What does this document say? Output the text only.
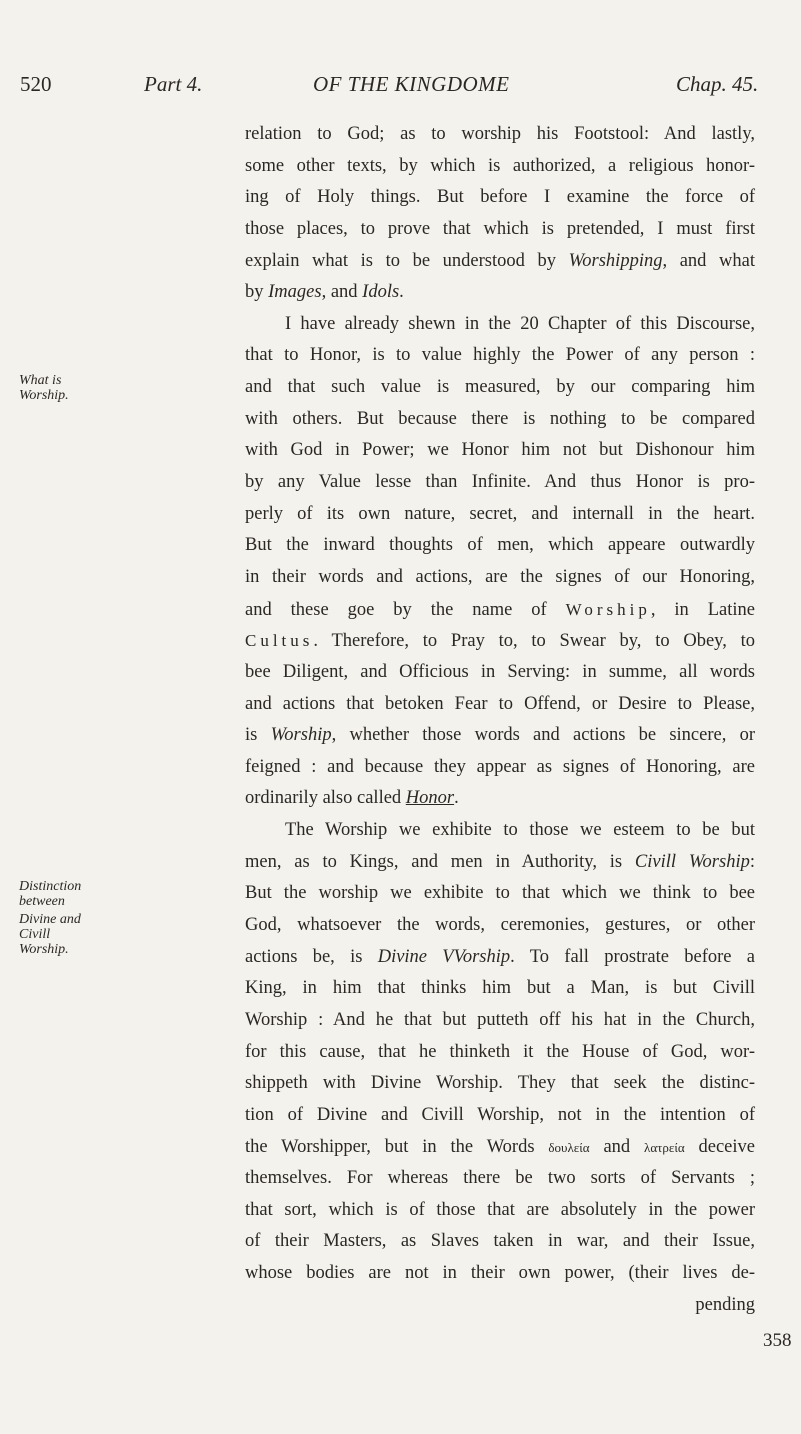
520	Part 4.	OF THE KINGDOME	Chap. 45.
What is
Worship.
Distinction
between
Divine and
Civill
Worship.
358
relation to God; as to worship his Footstool: And lastly,
some other texts, by which is authorized, a religious honor-
ing of Holy things. But before I examine the force of
those places, to prove that which is pretended, I must first
explain what is to be understood by Worshipping, and what
by Images, and Idols.
I have already shewn in the 20 Chapter of this Discourse,
that to Honor, is to value highly the Power of any person :
and that such value is measured, by our comparing him
with others. But because there is nothing to be compared
with God in Power; we Honor him not but Dishonour him
by any Value lesse than Infinite. And thus Honor is pro-
perly of its own nature, secret, and internall in the heart.
But the inward thoughts of men, which appeare outwardly
in their words and actions, are the signes of our Honoring,
and these goe by the name of Worship, in Latine
Cultus. Therefore, to Pray to, to Swear by, to Obey, to
bee Diligent, and Officious in Serving: in summe, all words
and actions that betoken Fear to Offend, or Desire to Please,
is Worship, whether those words and actions be sincere, or
feigned : and because they appear as signes of Honoring, are
ordinarily also called Honor.
The Worship we exhibite to those we esteem to be but
men, as to Kings, and men in Authority, is Civill Worship:
But the worship we exhibite to that which we think to bee
God, whatsoever the words, ceremonies, gestures, or other
actions be, is Divine VVorship. To fall prostrate before a
King, in him that thinks him but a Man, is but Civill
Worship : And he that but putteth off his hat in the Church,
for this cause, that he thinketh it the House of God, wor-
shippeth with Divine Worship. They that seek the distinc-
tion of Divine and Civill Worship, not in the intention of
the Worshipper, but in the Words δουλεία and λατρεία deceive
themselves. For whereas there be two sorts of Servants ;
that sort, which is of those that are absolutely in the power
of their Masters, as Slaves taken in war, and their Issue,
whose bodies are not in their own power, (their lives de-
pending
